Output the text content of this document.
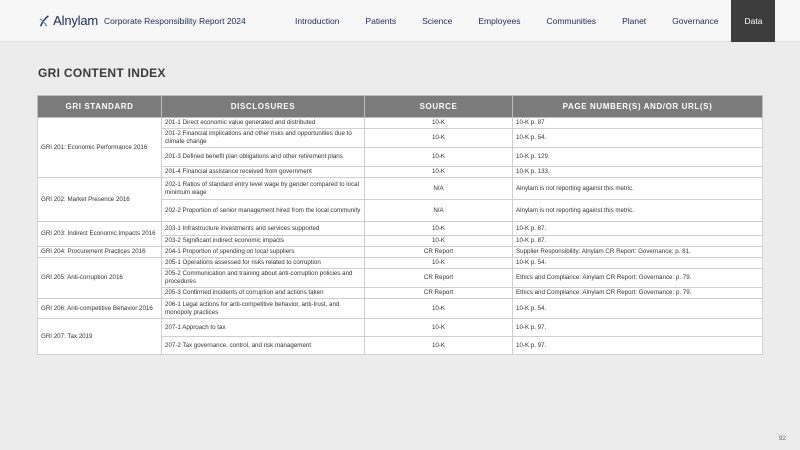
Alnylam Corporate Responsibility Report 2024	Introduction	Patients	Science	Employees	Communities	Planet	Governance	Data
GRI CONTENT INDEX
GRI STANDARD	DISCLOSURES	SOURCE	PAGE NUMBER(S) AND/OR URL(S)
GRI 201: Economic Performance 2016	201-1 Direct economic value generated and distributed	10-K	10-K p. 87
	201-2 Financial implications and other risks and opportunities due to climate change	10-K	10-K p. 54.
	201-3 Defined benefit plan obligations and other retirement plans	10-K	10-K p. 129.
	201-4 Financial assistance received from government	10-K	10-K p. 133.
GRI 202: Market Presence 2016	202-1 Ratios of standard entry level wage by gender compared to local minimum wage	N/A	Alnylam is not reporting against this metric.
	202-2 Proportion of senior management hired from the local community	N/A	Alnylam is not reporting against this metric.
GRI 203: Indirect Economic Impacts 2016	203-1 Infrastructure investments and services supported	10-K	10-K p. 87.
	203-2 Significant indirect economic impacts	10-K	10-K p. 87.
GRI 204: Procurement Practices 2016	204-1 Proportion of spending on local suppliers	CR Report	Supplier Responsibility: Alnylam CR Report: Governance: p. 81.
GRI 205: Anti-corruption 2016	205-1 Operations assessed for risks related to corruption	10-K	10-K p. 54.
	205-2 Communication and training about anti-corruption policies and procedures	CR Report	Ethics and Compliance: Alnylam CR Report: Governance: p. 79.
	205-3 Confirmed incidents of corruption and actions taken	CR Report	Ethics and Compliance: Alnylam CR Report: Governance: p. 79.
GRI 206: Anti-competitive Behavior 2016	206-1 Legal actions for anti-competitive behavior, anti-trust, and monopoly practices	10-K	10-K p. 54.
GRI 207: Tax 2019	207-1 Approach to tax	10-K	10-K p. 97.
	207-2 Tax governance, control, and risk management	10-K	10-K p. 97.
92
